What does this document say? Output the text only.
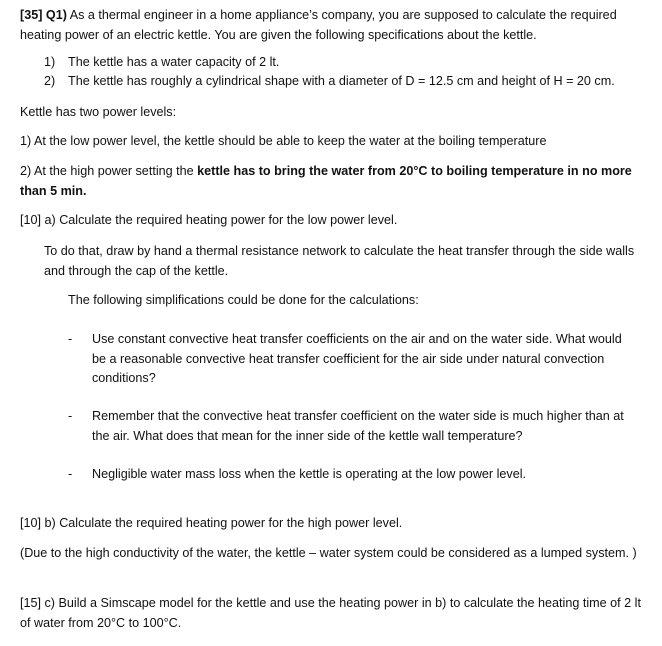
[35] Q1) As a thermal engineer in a home appliance’s company, you are supposed to calculate the required heating power of an electric kettle. You are given the following specifications about the kettle.
1)	The kettle has a water capacity of 2 lt.
2)	The kettle has roughly a cylindrical shape with a diameter of D = 12.5 cm and height of H = 20 cm.
Kettle has two power levels:
1) At the low power level, the kettle should be able to keep the water at the boiling temperature
2) At the high power setting the kettle has to bring the water from 20°C to boiling temperature in no more than 5 min.
[10] a) Calculate the required heating power for the low power level.
To do that, draw by hand a thermal resistance network to calculate the heat transfer through the side walls and through the cap of the kettle.
The following simplifications could be done for the calculations:
-	Use constant convective heat transfer coefficients on the air and on the water side. What would be a reasonable convective heat transfer coefficient for the air side under natural convection conditions?
-	Remember that the convective heat transfer coefficient on the water side is much higher than at the air. What does that mean for the inner side of the kettle wall temperature?
-	Negligible water mass loss when the kettle is operating at the low power level.
[10] b) Calculate the required heating power for the high power level.
(Due to the high conductivity of the water, the kettle – water system could be considered as a lumped system. )
[15] c) Build a Simscape model for the kettle and use the heating power in b) to calculate the heating time of 2 lt of water from 20°C to 100°C.
